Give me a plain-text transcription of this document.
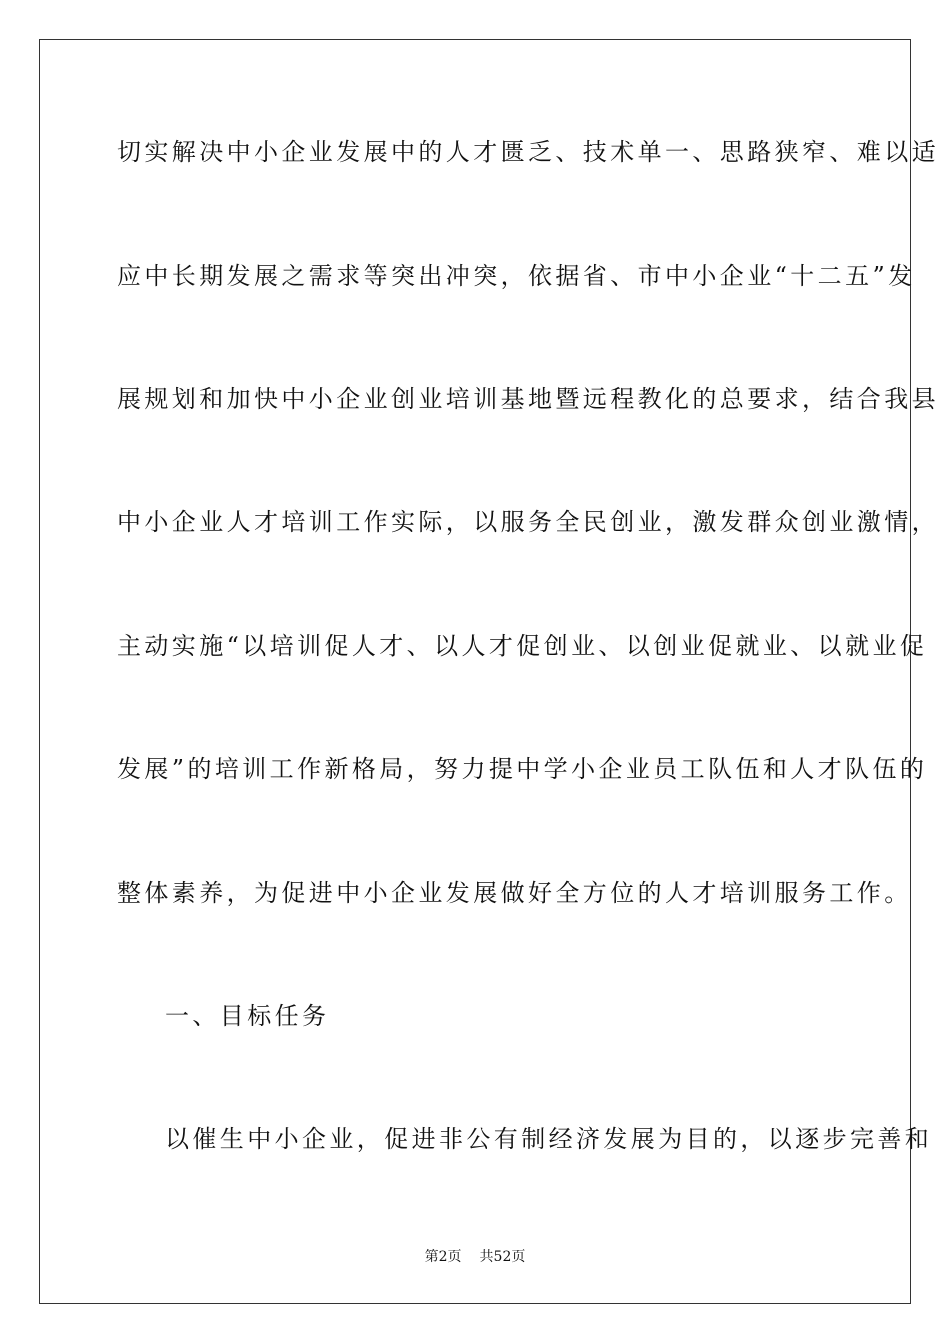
切实解决中小企业发展中的人才匮乏、技术单一、思路狭窄、难以适
应中长期发展之需求等突出冲突，依据省、市中小企业“十二五”发
展规划和加快中小企业创业培训基地暨远程教化的总要求，结合我县
中小企业人才培训工作实际，以服务全民创业，激发群众创业激情，
主动实施“以培训促人才、以人才促创业、以创业促就业、以就业促
发展”的培训工作新格局，努力提中学小企业员工队伍和人才队伍的
整体素养，为促进中小企业发展做好全方位的人才培训服务工作。
一、目标任务
以催生中小企业，促进非公有制经济发展为目的，以逐步完善和
第2页 共52页
